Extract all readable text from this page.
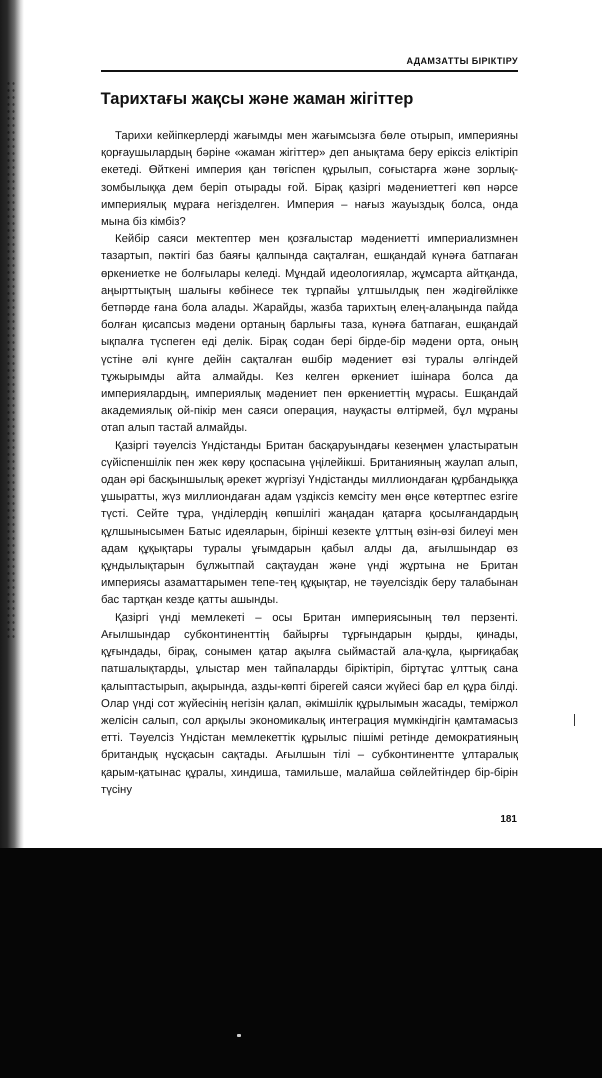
АДАМЗАТТЫ БІРІКТІРУ
Тарихтағы жақсы және жаман жігіттер

Тарихи кейіпкерлерді жағымды мен жағымсызға бөле отырып, империяны қорғаушылардың бәріне «жаман жігіттер» деп анықтама беру еріксіз еліктіріп екетеді. Өйткені империя қан төгіспен құрылып, соғыстарға және зорлық-зомбылыққа дем беріп отырады ғой. Бірақ қазіргі мәдениеттегі көп нәрсе империялық мұраға негізделген. Империя – нағыз жауыздық болса, онда мына біз кімбіз?

Кейбір саяси мектептер мен қозғалыстар мәдениетті империализмнен тазартып, пәктігі баз баяғы қалпында сақталған, ешқандай күнәға батпаған өркениетке не болғылары келеді. Мұндай идеологиялар, жұмсарта айтқанда, аңырттықтың шалығы көбінесе тек тұрпайы ұлтшылдық пен жәдігөйлікке бетпәрде ғана бола алады. Жарайды, жазба тарихтың елең-алаңында пайда болған қисапсыз мәдени ортаның барлығы таза, күнәға батпаған, ешқандай ықпалға түспеген еді делік. Бірақ содан бері бірде-бір мәдени орта, оның үстіне әлі күнге дейін сақталған өшбір мәдениет өзі туралы әлгіндей тұжырымды айта алмайды. Кез келген өркениет ішінара болса да империялардың, империялық мәдениет пен өркениеттің мұрасы. Ешқандай академиялық ой-пікір мен саяси операция, науқасты өлтірмей, бұл мұраны отап алып тастай алмайды.

Қазіргі тәуелсіз Үндістанды Британ басқаруындағы кезеңмен ұластыратын сүйіспеншілік пен жек көру қоспасына үңілейікші. Британияның жаулап алып, одан әрі басқыншылық әрекет жүргізуі Үндістанды миллиондаған құрбандыққа ұшыратты, жүз миллиондаған адам үздіксіз кемсіту мен өңсе көтертпес езгіге түсті. Сейте тұра, үнділердің көпшілігі жаңадан қатарға қосылғандардың құлшынысымен Батыс идеяларын, бірінші кезекте ұлттың өзін-өзі билеуі мен адам құқықтары туралы ұғымдарын қабыл алды да, ағылшындар өз құндылықтарын бұлжытпай сақтаудан және үнді жұртына не Британ империясы азаматтарымен тепе-тең құқықтар, не тәуелсіздік беру талабынан бас тартқан кезде қатты ашынды.

Қазіргі үнді мемлекеті – осы Британ империясының төл перзенті. Ағылшындар субконтиненттің байырғы тұрғындарын қырды, қинады, құғындады, бірақ, сонымен қатар ақылға сыймастай ала-құла, қырғиқабақ патшалықтарды, ұлыстар мен тайпаларды біріктіріп, біртұтас ұлттық сана қалыптастырып, ақырында, азды-көпті бірегей саяси жүйесі бар ел құра білді. Олар үнді сот жүйесінің негізін қалап, әкімшілік құрылымын жасады, теміржол желісін салып, сол арқылы экономикалық интеграция мүмкіндігін қамтамасыз етті. Тәуелсіз Үндістан мемлекеттік құрылыс пішімі ретінде демократияның британдық нұсқасын сақтады. Ағылшын тілі – субконтинентте ұлтаралық қарым-қатынас құралы, хиндиша, тамильше, малайша сөйлейтіндер бір-бірін түсіну

181
